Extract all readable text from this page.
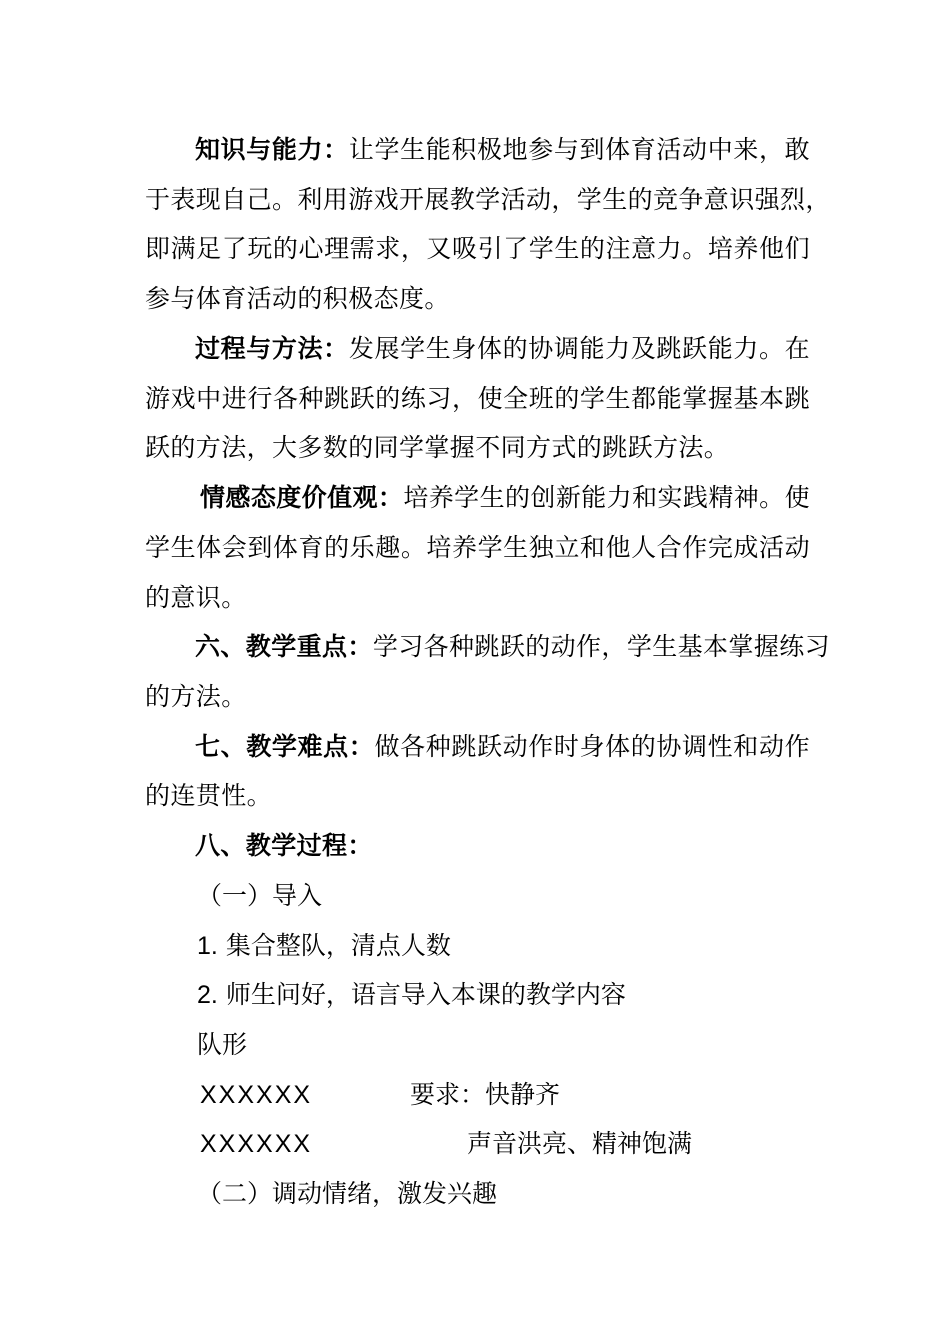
知识与能力：让学生能积极地参与到体育活动中来，敢
于表现自己。利用游戏开展教学活动，学生的竞争意识强烈，
即满足了玩的心理需求，又吸引了学生的注意力。培养他们
参与体育活动的积极态度。
过程与方法：发展学生身体的协调能力及跳跃能力。在
游戏中进行各种跳跃的练习，使全班的学生都能掌握基本跳
跃的方法，大多数的同学掌握不同方式的跳跃方法。
情感态度价值观：培养学生的创新能力和实践精神。使
学生体会到体育的乐趣。培养学生独立和他人合作完成活动
的意识。
六、教学重点：学习各种跳跃的动作，学生基本掌握练习
的方法。
七、教学难点：做各种跳跃动作时身体的协调性和动作
的连贯性。
八、教学过程：
（一）导入
1. 集合整队，清点人数
2. 师生问好，语言导入本课的教学内容
队形
XXXXXX	要求：快静齐
XXXXXX	声音洪亮、精神饱满
（二）调动情绪，激发兴趣
